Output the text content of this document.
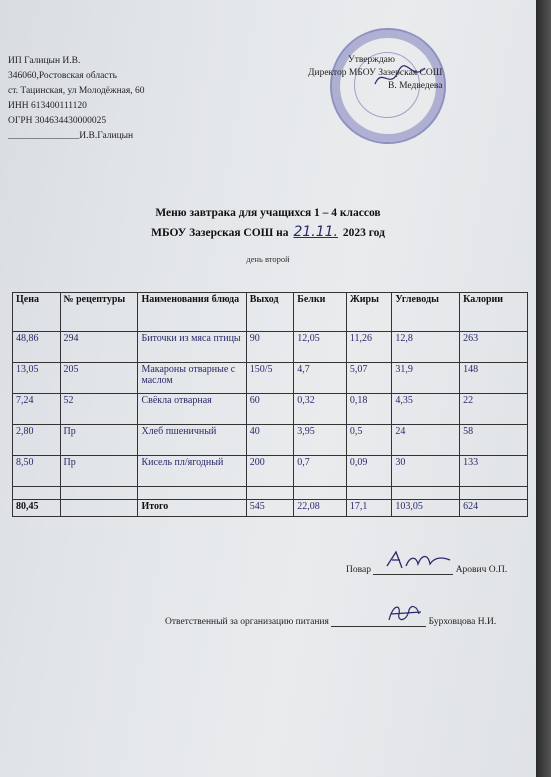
ИП Галицын И.В.
346060,Ростовская область
ст. Тацинская, ул Молодёжная, 60
ИНН 613400111120
ОГРН 304634430000025
_______________И.В.Галицын
Утверждаю
Директор МБОУ Зазерская СОШ
В. Медведева
Меню завтрака для учащихся 1 – 4 классов
МБОУ Зазерская СОШ на 21.11. 2023 год
день второй
Цена	№ рецептуры	Наименования блюда	Выход	Белки	Жиры	Углеводы	Калории
48,86	294	Биточки из мяса птицы	90	12,05	11,26	12,8	263
13,05	205	Макароны отварные с маслом	150/5	4,7	5,07	31,9	148
7,24	52	Свёкла отварная	60	0,32	0,18	4,35	22
2,80	Пр	Хлеб пшеничный	40	3,95	0,5	24	58
8,50	Пр	Кисель пл/ягодный	200	0,7	0,09	30	133

80,45		Итого	545	22,08	17,1	103,05	624
Повар	Арович О.П.
Ответственный за организацию питания	Бурховцова Н.И.
